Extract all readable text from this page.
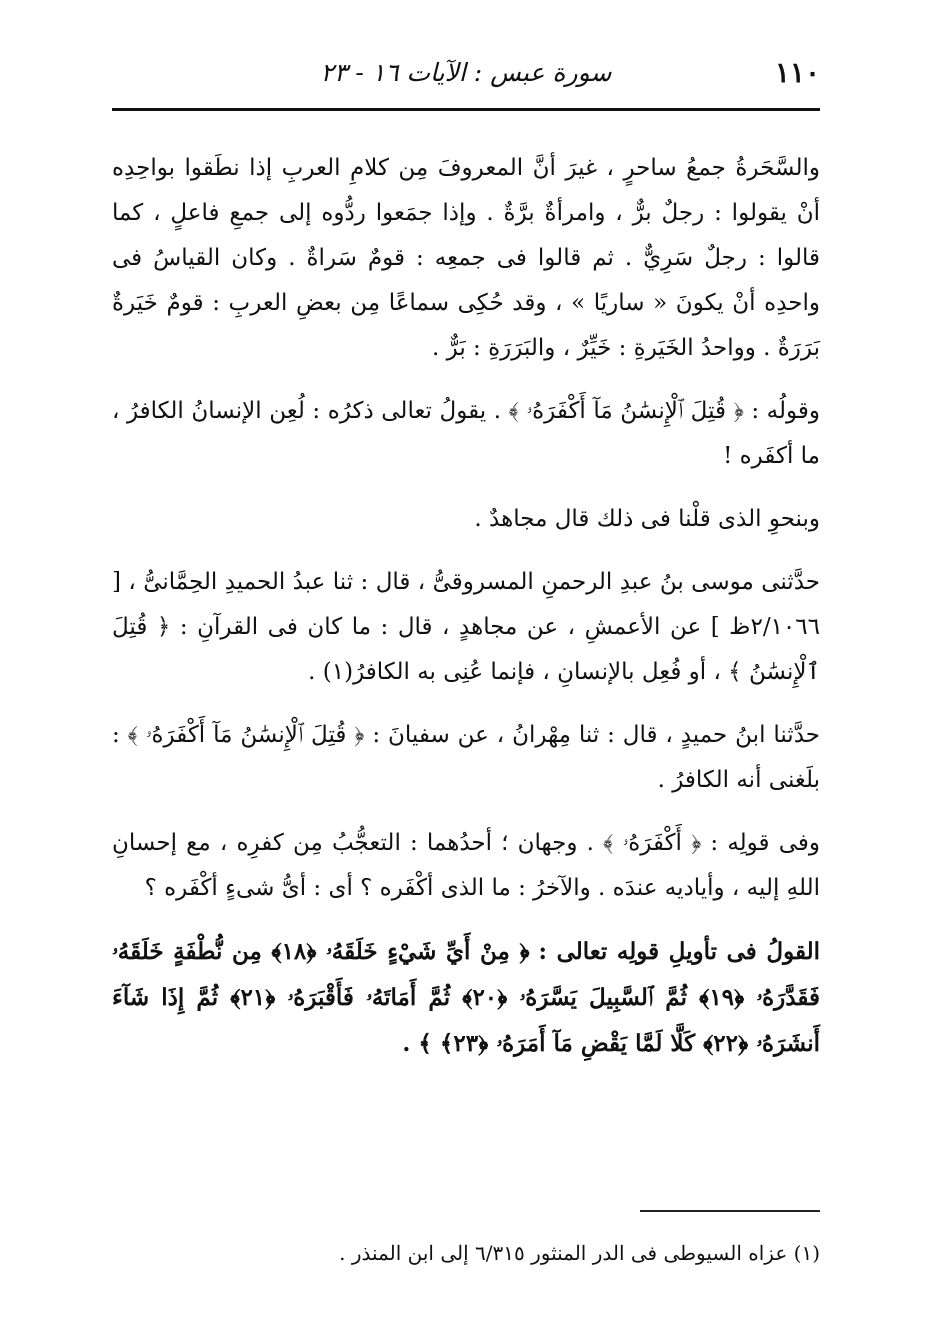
١١٠
سورة عبس : الآيات ١٦ - ٢٣

والسَّحَرةُ جمعُ ساحرٍ ، غيرَ أنَّ المعروفَ مِن كلامِ العربِ إذا نطَقوا بواحِدِه أنْ يقولوا : رجلٌ برٌّ ، وامرأةٌ برَّةٌ . وإذا جمَعوا ردُّوه إلى جمعِ فاعلٍ ، كما قالوا : رجلٌ سَرِيٌّ . ثم قالوا فى جمعِه : قومٌ سَراةٌ . وكان القياسُ فى واحدِه أنْ يكونَ « ساريًا » ، وقد حُكِى سماعًا مِن بعضِ العربِ : قومٌ خَيَرةٌ بَرَرَةٌ . وواحدُ الخَيَرةِ : خَيِّرٌ ، والبَرَرَةِ : بَرٌّ .

وقولُه : ﴿ قُتِلَ ٱلْإِنسَٰنُ مَآ أَكْفَرَهُۥ ﴾ . يقولُ تعالى ذكرُه : لُعِن الإنسانُ الكافرُ ، ما أكفَره !

وبنحوِ الذى قلْنا فى ذلك قال مجاهدٌ .

حدَّثنى موسى بنُ عبدِ الرحمنِ المسروقىُّ ، قال : ثنا عبدُ الحميدِ الحِمَّانىُّ ، [ ٢/١٠٦٦ظ ] عن الأعمشِ ، عن مجاهدٍ ، قال : ما كان فى القرآنِ : ﴿ قُتِلَ ٱلْإِنسَٰنُ ﴾ ، أو فُعِل بالإنسانِ ، فإنما عُنِى به الكافرُ(١) .

حدَّثنا ابنُ حميدٍ ، قال : ثنا مِهْرانُ ، عن سفيانَ : ﴿ قُتِلَ ٱلْإِنسَٰنُ مَآ أَكْفَرَهُۥ ﴾ : بلَغنى أنه الكافرُ .

وفى قولِه : ﴿ أَكْفَرَهُۥ ﴾ . وجهان ؛ أحدُهما : التعجُّبُ مِن كفرِه ، مع إحسانِ اللهِ إليه ، وأياديه عندَه . والآخرُ : ما الذى أكْفَره ؟ أى : أىُّ شىءٍ أكْفَره ؟

القولُ فى تأويلِ قولِه تعالى : ﴿ مِنْ أَيِّ شَيْءٍ خَلَقَهُۥ ﴿١٨﴾ مِن نُّطْفَةٍ خَلَقَهُۥ فَقَدَّرَهُۥ ﴿١٩﴾ ثُمَّ ٱلسَّبِيلَ يَسَّرَهُۥ ﴿٢٠﴾ ثُمَّ أَمَاتَهُۥ فَأَقْبَرَهُۥ ﴿٢١﴾ ثُمَّ إِذَا شَآءَ أَنشَرَهُۥ ﴿٢٢﴾ كَلَّا لَمَّا يَقْضِ مَآ أَمَرَهُۥ ﴿٢٣﴾ ﴾ .

(١) عزاه السيوطى فى الدر المنثور ٦/٣١٥ إلى ابن المنذر .
